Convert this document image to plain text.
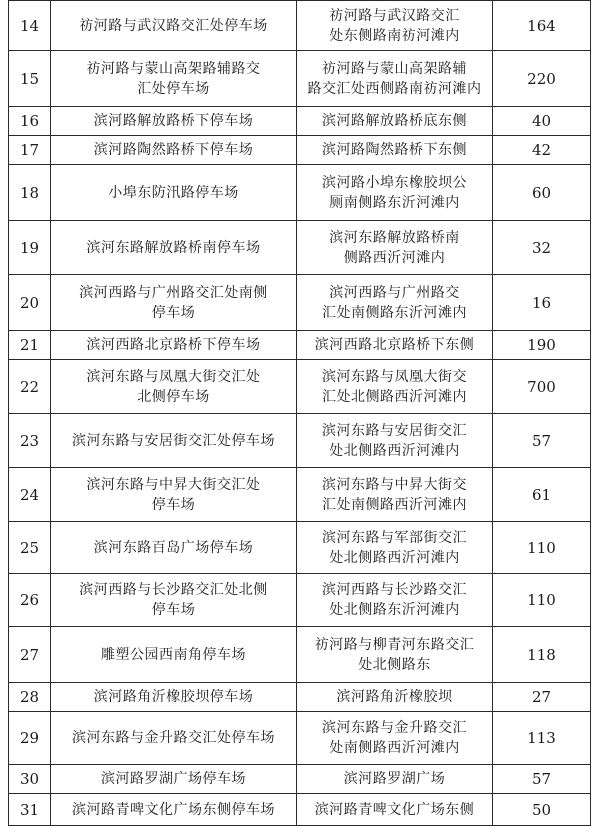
14	祊河路与武汉路交汇处停车场	祊河路与武汉路交汇
处东侧路南祊河滩内	164
15	祊河路与蒙山高架路辅路交
汇处停车场	祊河路与蒙山高架路辅
路交汇处西侧路南祊河滩内	220
16	滨河路解放路桥下停车场	滨河路解放路桥底东侧	40
17	滨河路陶然路桥下停车场	滨河路陶然路桥下东侧	42
18	小埠东防汛路停车场	滨河路小埠东橡胶坝公
厕南侧路东沂河滩内	60
19	滨河东路解放路桥南停车场	滨河东路解放路桥南
侧路西沂河滩内	32
20	滨河西路与广州路交汇处南侧
停车场	滨河西路与广州路交
汇处南侧路东沂河滩内	16
21	滨河西路北京路桥下停车场	滨河西路北京路桥下东侧	190
22	滨河东路与凤凰大街交汇处
北侧停车场	滨河东路与凤凰大街交
汇处北侧路西沂河滩内	700
23	滨河东路与安居街交汇处停车场	滨河东路与安居街交汇
处北侧路西沂河滩内	57
24	滨河东路与中昇大街交汇处
停车场	滨河东路与中昇大街交
汇处南侧路西沂河滩内	61
25	滨河东路百岛广场停车场	滨河东路与军部街交汇
处北侧路西沂河滩内	110
26	滨河西路与长沙路交汇处北侧
停车场	滨河西路与长沙路交汇
处北侧路东沂河滩内	110
27	雕塑公园西南角停车场	祊河路与柳青河东路交汇
处北侧路东	118
28	滨河路角沂橡胶坝停车场	滨河路角沂橡胶坝	27
29	滨河东路与金升路交汇处停车场	滨河东路与金升路交汇
处南侧路西沂河滩内	113
30	滨河路罗湖广场停车场	滨河路罗湖广场	57
31	滨河路青啤文化广场东侧停车场	滨河路青啤文化广场东侧	50
